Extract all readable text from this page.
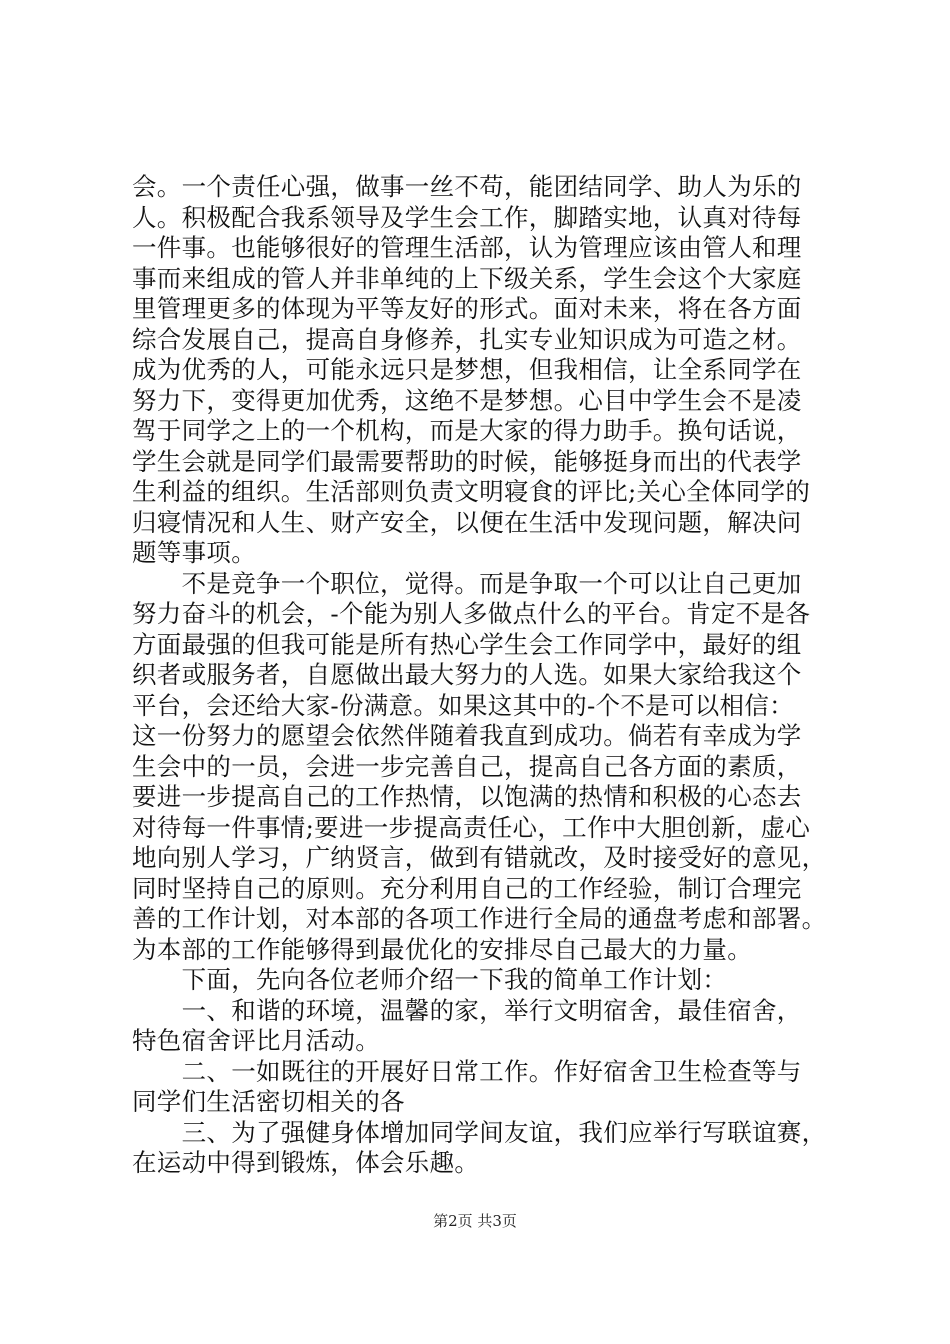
会。一个责任心强，做事一丝不苟，能团结同学、助人为乐的
人。积极配合我系领导及学生会工作，脚踏实地，认真对待每
一件事。也能够很好的管理生活部，认为管理应该由管人和理
事而来组成的管人并非单纯的上下级关系，学生会这个大家庭
里管理更多的体现为平等友好的形式。面对未来，将在各方面
综合发展自己，提高自身修养，扎实专业知识成为可造之材。
成为优秀的人，可能永远只是梦想，但我相信，让全系同学在
努力下，变得更加优秀，这绝不是梦想。心目中学生会不是凌
驾于同学之上的一个机构，而是大家的得力助手。换句话说，
学生会就是同学们最需要帮助的时候，能够挺身而出的代表学
生利益的组织。生活部则负责文明寝食的评比;关心全体同学的
归寝情况和人生、财产安全，以便在生活中发现问题，解决问
题等事项。
　　不是竞争一个职位，觉得。而是争取一个可以让自己更加
努力奋斗的机会，-个能为别人多做点什么的平台。肯定不是各
方面最强的但我可能是所有热心学生会工作同学中，最好的组
织者或服务者，自愿做出最大努力的人选。如果大家给我这个
平台，会还给大家-份满意。如果这其中的-个不是可以相信：
这一份努力的愿望会依然伴随着我直到成功。倘若有幸成为学
生会中的一员，会进一步完善自己，提高自己各方面的素质，
要进一步提高自己的工作热情，以饱满的热情和积极的心态去
对待每一件事情;要进一步提高责任心，工作中大胆创新，虚心
地向别人学习，广纳贤言，做到有错就改，及时接受好的意见，
同时坚持自己的原则。充分利用自己的工作经验，制订合理完
善的工作计划，对本部的各项工作进行全局的通盘考虑和部署。
为本部的工作能够得到最优化的安排尽自己最大的力量。
　　下面，先向各位老师介绍一下我的简单工作计划：
　　一、和谐的环境，温馨的家，举行文明宿舍，最佳宿舍，
特色宿舍评比月活动。
　　二、一如既往的开展好日常工作。作好宿舍卫生检查等与
同学们生活密切相关的各
　　三、为了强健身体增加同学间友谊，我们应举行写联谊赛，
在运动中得到锻炼，体会乐趣。
第2页 共3页
